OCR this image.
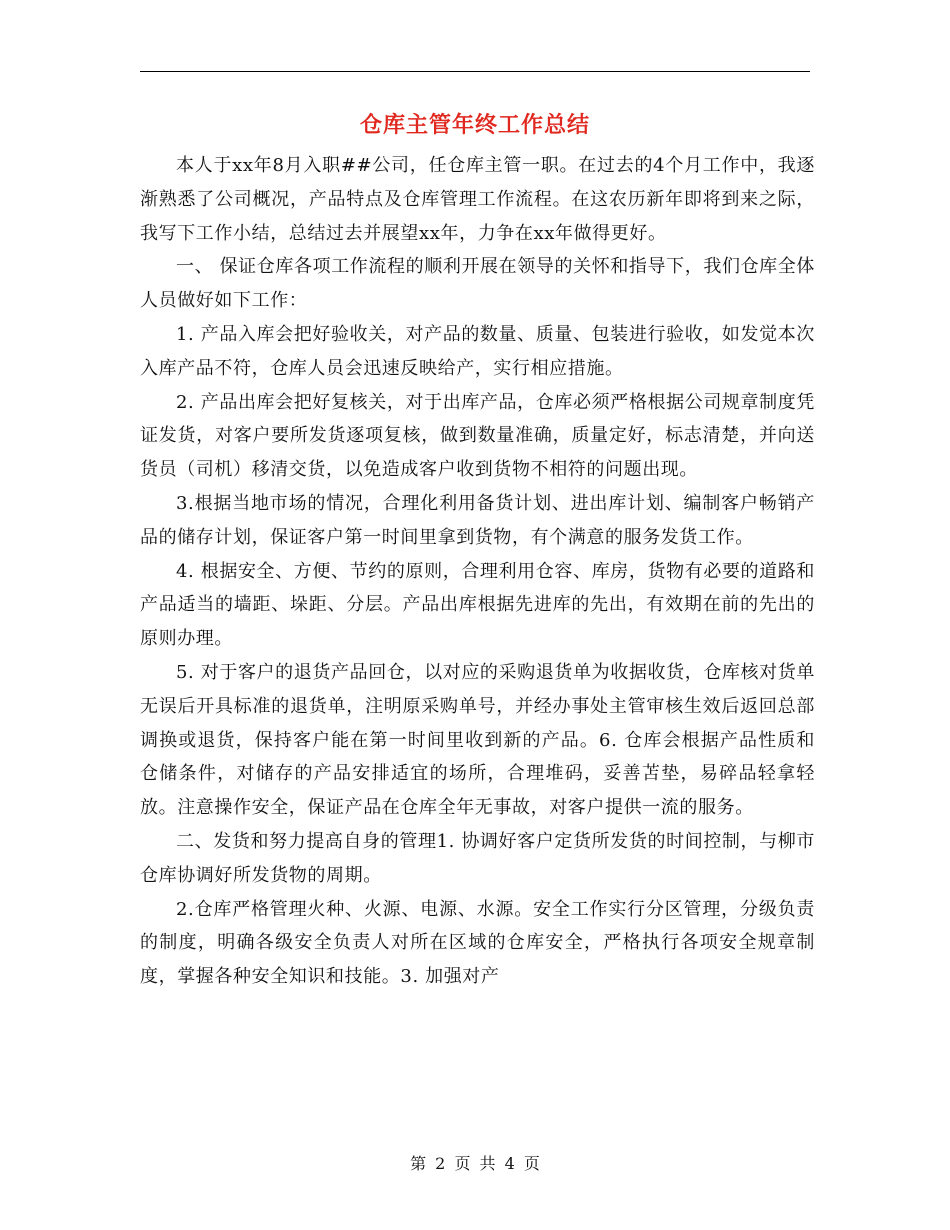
仓库主管年终工作总结

本人于xx年8月入职##公司，任仓库主管一职。在过去的4个月工作中，我逐渐熟悉了公司概况，产品特点及仓库管理工作流程。在这农历新年即将到来之际，我写下工作小结，总结过去并展望xx年，力争在xx年做得更好。

一、 保证仓库各项工作流程的顺利开展在领导的关怀和指导下，我们仓库全体人员做好如下工作：

1. 产品入库会把好验收关，对产品的数量、质量、包装进行验收，如发觉本次入库产品不符，仓库人员会迅速反映给产，实行相应措施。

2. 产品出库会把好复核关，对于出库产品，仓库必须严格根据公司规章制度凭证发货，对客户要所发货逐项复核，做到数量准确，质量定好，标志清楚，并向送货员（司机）移清交货，以免造成客户收到货物不相符的问题出现。

3.根据当地市场的情况，合理化利用备货计划、进出库计划、编制客户畅销产品的储存计划，保证客户第一时间里拿到货物，有个满意的服务发货工作。

4. 根据安全、方便、节约的原则，合理利用仓容、库房，货物有必要的道路和产品适当的墙距、垛距、分层。产品出库根据先进库的先出，有效期在前的先出的原则办理。

5. 对于客户的退货产品回仓，以对应的采购退货单为收据收货，仓库核对货单无误后开具标准的退货单，注明原采购单号，并经办事处主管审核生效后返回总部调换或退货，保持客户能在第一时间里收到新的产品。6. 仓库会根据产品性质和仓储条件，对储存的产品安排适宜的场所，合理堆码，妥善苫垫，易碎品轻拿轻放。注意操作安全，保证产品在仓库全年无事故，对客户提供一流的服务。

二、发货和努力提高自身的管理1. 协调好客户定货所发货的时间控制，与柳市仓库协调好所发货物的周期。

2.仓库严格管理火种、火源、电源、水源。安全工作实行分区管理，分级负责的制度，明确各级安全负责人对所在区域的仓库安全，严格执行各项安全规章制度，掌握各种安全知识和技能。3. 加强对产

第 2 页 共 4 页
